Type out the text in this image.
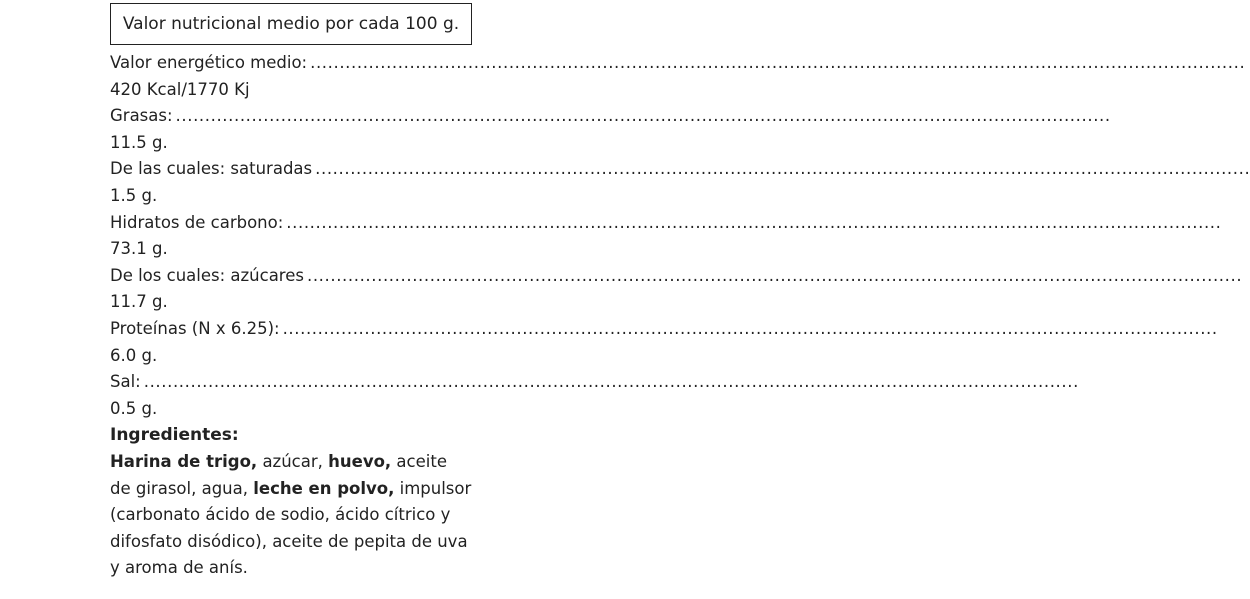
Valor nutricional medio por cada 100 g.
Valor energético medio: ................................................................................................................................................................
420 Kcal/1770 Kj
Grasas: ................................................................................................................................................................
11.5 g.
De las cuales: saturadas ................................................................................................................................................................
1.5 g.
Hidratos de carbono: ................................................................................................................................................................
73.1 g.
De los cuales: azúcares ................................................................................................................................................................
11.7 g.
Proteínas (N x 6.25): ................................................................................................................................................................
6.0 g.
Sal: ................................................................................................................................................................
0.5 g.
Ingredientes:
Harina de trigo, azúcar, huevo, aceite de girasol, agua, leche en polvo, impulsor (carbonato ácido de sodio, ácido cítrico y difosfato disódico), aceite de pepita de uva y aroma de anís.
